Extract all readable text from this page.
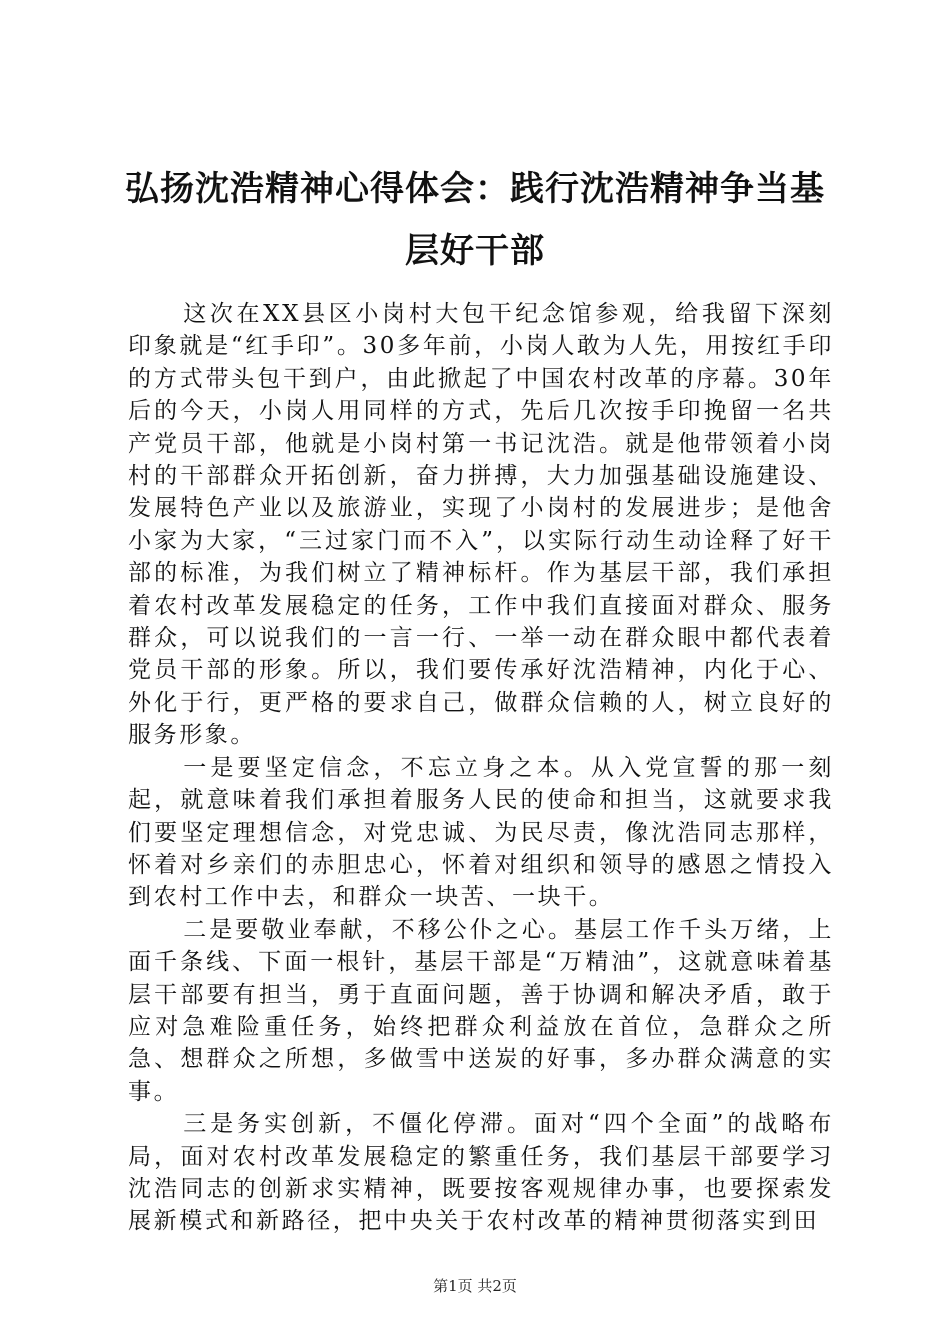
弘扬沈浩精神心得体会：践行沈浩精神争当基层好干部

这次在XX县区小岗村大包干纪念馆参观，给我留下深刻印象就是“红手印”。30多年前，小岗人敢为人先，用按红手印的方式带头包干到户，由此掀起了中国农村改革的序幕。30年后的今天，小岗人用同样的方式，先后几次按手印挽留一名共产党员干部，他就是小岗村第一书记沈浩。就是他带领着小岗村的干部群众开拓创新，奋力拼搏，大力加强基础设施建设、发展特色产业以及旅游业，实现了小岗村的发展进步；是他舍小家为大家，“三过家门而不入”，以实际行动生动诠释了好干部的标准，为我们树立了精神标杆。作为基层干部，我们承担着农村改革发展稳定的任务，工作中我们直接面对群众、服务群众，可以说我们的一言一行、一举一动在群众眼中都代表着党员干部的形象。所以，我们要传承好沈浩精神，内化于心、外化于行，更严格的要求自己，做群众信赖的人，树立良好的服务形象。

一是要坚定信念，不忘立身之本。从入党宣誓的那一刻起，就意味着我们承担着服务人民的使命和担当，这就要求我们要坚定理想信念，对党忠诚、为民尽责，像沈浩同志那样，怀着对乡亲们的赤胆忠心，怀着对组织和领导的感恩之情投入到农村工作中去，和群众一块苦、一块干。

二是要敬业奉献，不移公仆之心。基层工作千头万绪，上面千条线、下面一根针，基层干部是“万精油”，这就意味着基层干部要有担当，勇于直面问题，善于协调和解决矛盾，敢于应对急难险重任务，始终把群众利益放在首位，急群众之所急、想群众之所想，多做雪中送炭的好事，多办群众满意的实事。

三是务实创新，不僵化停滞。面对“四个全面”的战略布局，面对农村改革发展稳定的繁重任务，我们基层干部要学习沈浩同志的创新求实精神，既要按客观规律办事，也要探索发展新模式和新路径，把中央关于农村改革的精神贯彻落实到田

第1页 共2页
